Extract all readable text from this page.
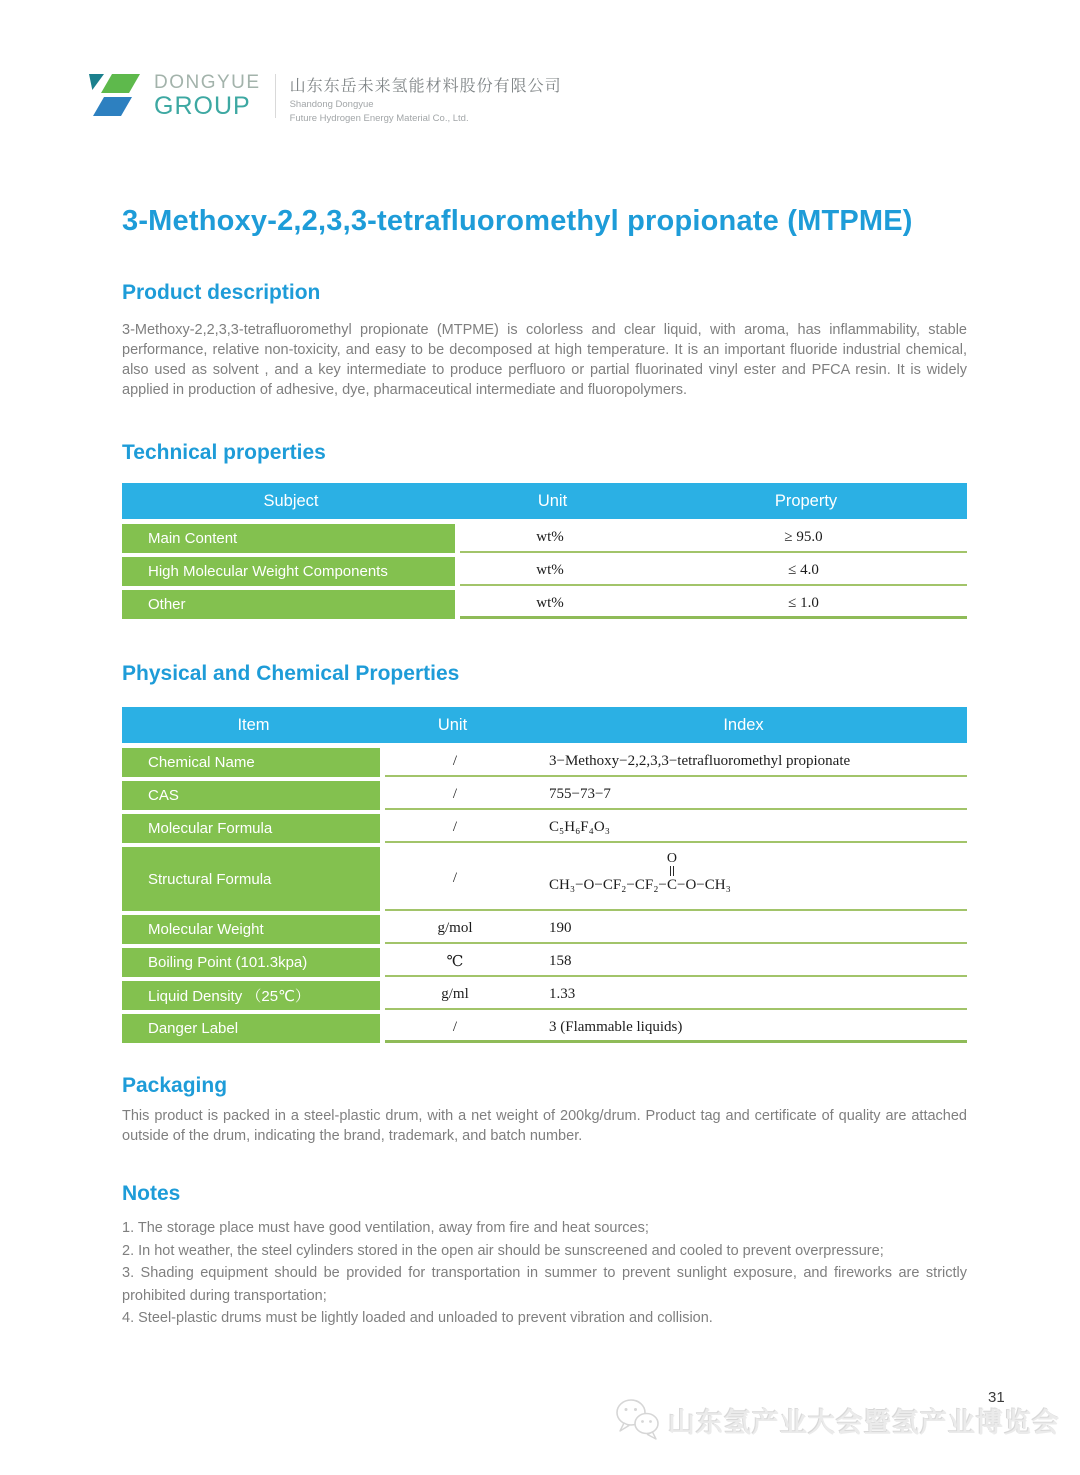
DONGYUE
GROUP
山东东岳未来氢能材料股份有限公司
Shandong Dongyue
Future Hydrogen Energy Material Co., Ltd.
3-Methoxy-2,2,3,3-tetrafluoromethyl propionate (MTPME)
Product description

3-Methoxy-2,2,3,3-tetrafluoromethyl propionate (MTPME) is colorless and clear liquid, with aroma, has inflammability, stable performance, relative non-toxicity, and easy to be decomposed at high temperature. It is an important fluoride industrial chemical, also used as solvent , and a key intermediate to produce perfluoro or partial fluorinated vinyl ester and PFCA resin. It is widely applied in production of adhesive, dye, pharmaceutical intermediate and fluoropolymers.

Technical properties
Subject	Unit	Property
Main Content	wt%	≥ 95.0
High Molecular Weight Components	wt%	≤ 4.0
Other	wt%	≤ 1.0
Physical and Chemical Properties
Item	Unit	Index
Chemical Name	/	3−Methoxy−2,2,3,3−tetrafluoromethyl propionate
CAS	/	755−73−7
Molecular Formula	/	C₅H₆F₄O₃
Structural Formula	/	CH₃−O−CF₂−CF₂−
O
C −O−CH₃
Molecular Weight	g/mol	190
Boiling Point (101.3kpa)	℃	158
Liquid Density （25℃）	g/ml	1.33
Danger Label	/	3 (Flammable liquids)
Packaging

This product is packed in a steel-plastic drum, with a net weight of 200kg/drum. Product tag and certificate of quality are attached outside of the drum, indicating the brand, trademark, and batch number.

Notes

1. The storage place must have good ventilation, away from fire and heat sources;

2. In hot weather, the steel cylinders stored in the open air should be sunscreened and cooled to prevent overpressure;

3. Shading equipment should be provided for transportation in summer to prevent sunlight exposure, and fireworks are strictly prohibited during transportation;

4. Steel-plastic drums must be lightly loaded and unloaded to prevent vibration and collision.

31
山东氢产业大会暨氢产业博览会
